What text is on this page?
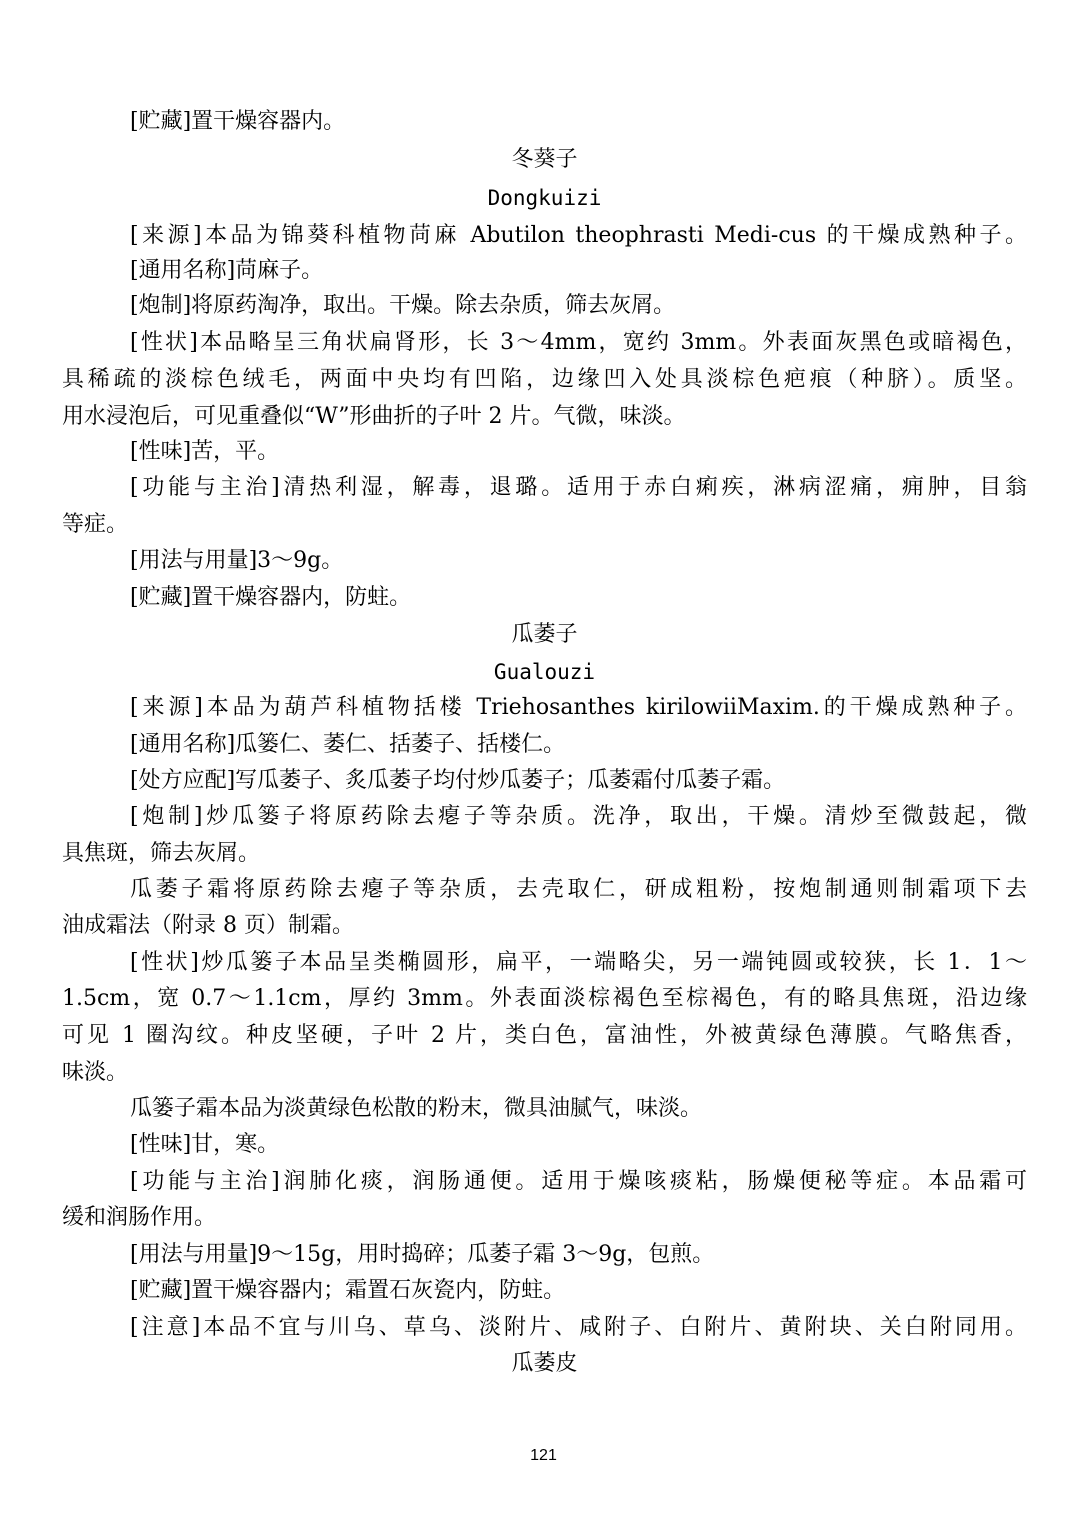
[贮藏]置干燥容器内。
冬葵子
Dongkuizi
[来源]本品为锦葵科植物苘麻 Abutilon theophrasti Medi-cus 的干燥成熟种子。
[通用名称]苘麻子。
[炮制]将原药淘净，取出。干燥。除去杂质，筛去灰屑。
[性状]本品略呈三角状扁肾形，长 3～4mm，宽约 3mm。外表面灰黑色或暗褐色，
具稀疏的淡棕色绒毛，两面中央均有凹陷，边缘凹入处具淡棕色疤痕（种脐）。质坚。
用水浸泡后，可见重叠似“W”形曲折的子叶 2 片。气微，味淡。
[性味]苦，平。
[功能与主治]清热利湿，解毒，退璐。适用于赤白痢疾，淋病涩痛，痈肿，目翁
等症。
[用法与用量]3～9g。
[贮藏]置干燥容器内，防蛀。
瓜萎子
Gualouzi
[来源]本品为葫芦科植物括楼 Triehosanthes kirilowiiMaxim.的干燥成熟种子。
[通用名称]瓜篓仁、萎仁、括萎子、括楼仁。
[处方应配]写瓜萎子、炙瓜萎子均付炒瓜萎子；瓜萎霜付瓜萎子霜。
[炮制]炒瓜篓子将原药除去瘪子等杂质。洗净，取出，干燥。清炒至微鼓起，微
具焦斑，筛去灰屑。
瓜萎子霜将原药除去瘪子等杂质，去壳取仁，研成粗粉，按炮制通则制霜项下去
油成霜法（附录 8 页）制霜。
[性状]炒瓜篓子本品呈类椭圆形，扁平，一端略尖，另一端钝圆或较狭，长 1．1～
1.5cm，宽 0.7～1.1cm，厚约 3mm。外表面淡棕褐色至棕褐色，有的略具焦斑，沿边缘
可见 1 圈沟纹。种皮坚硬，子叶 2 片，类白色，富油性，外被黄绿色薄膜。气略焦香，
味淡。
瓜篓子霜本品为淡黄绿色松散的粉末，微具油腻气，味淡。
[性味]甘，寒。
[功能与主治]润肺化痰，润肠通便。适用于燥咳痰粘，肠燥便秘等症。本品霜可
缓和润肠作用。
[用法与用量]9～15g，用时捣碎；瓜萎子霜 3～9g，包煎。
[贮藏]置干燥容器内；霜置石灰瓷内，防蛀。
[注意]本品不宜与川乌、草乌、淡附片、咸附子、白附片、黄附块、关白附同用。
瓜萎皮
121
